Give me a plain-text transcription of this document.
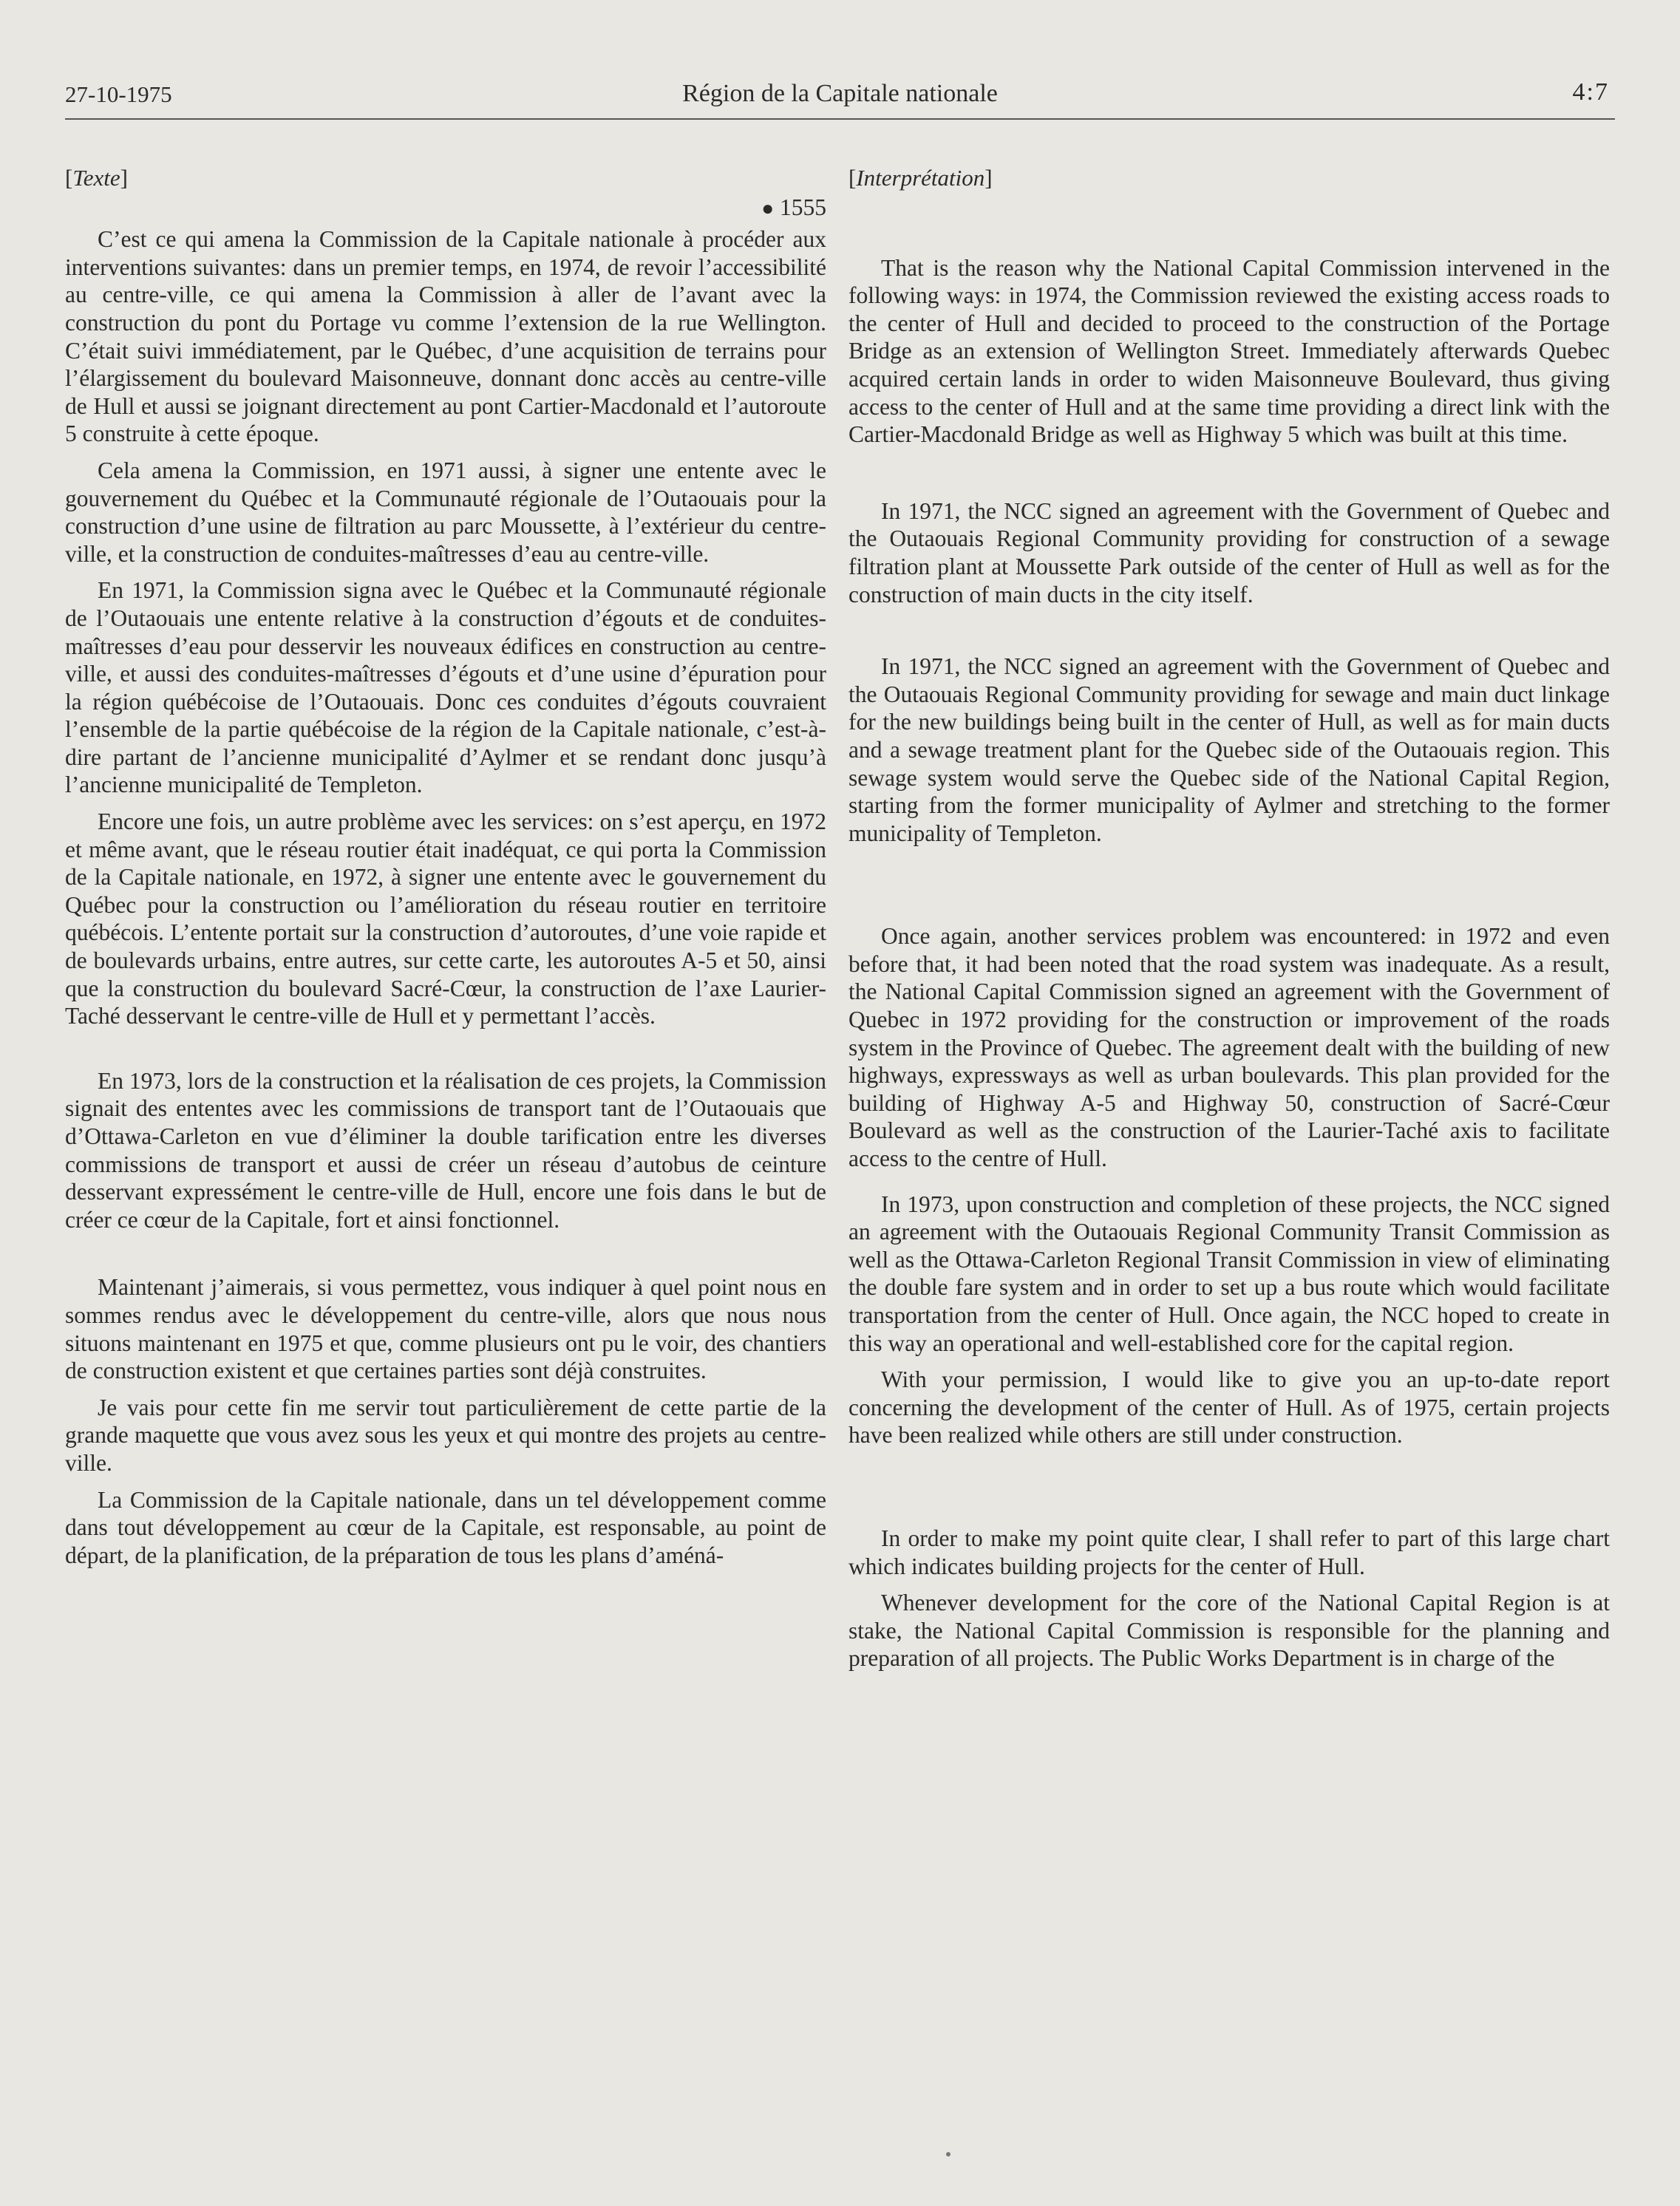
27-10-1975	Région de la Capitale nationale	4:7
[Texte]
● 1555

C’est ce qui amena la Commission de la Capitale nationale à procéder aux interventions suivantes: dans un premier temps, en 1974, de revoir l’accessibilité au centre-ville, ce qui amena la Commission à aller de l’avant avec la construction du pont du Portage vu comme l’extension de la rue Wellington. C’était suivi immédiatement, par le Québec, d’une acquisition de terrains pour l’élargissement du boulevard Maisonneuve, donnant donc accès au centre-ville de Hull et aussi se joignant directement au pont Cartier-Macdonald et l’autoroute 5 construite à cette époque.

Cela amena la Commission, en 1971 aussi, à signer une entente avec le gouvernement du Québec et la Communauté régionale de l’Outaouais pour la construction d’une usine de filtration au parc Moussette, à l’extérieur du centre-ville, et la construction de conduites-maîtresses d’eau au centre-ville.

En 1971, la Commission signa avec le Québec et la Communauté régionale de l’Outaouais une entente relative à la construction d’égouts et de conduites-maîtresses d’eau pour desservir les nouveaux édifices en construction au centre-ville, et aussi des conduites-maîtresses d’égouts et d’une usine d’épuration pour la région québécoise de l’Outaouais. Donc ces conduites d’égouts couvraient l’ensemble de la partie québécoise de la région de la Capitale nationale, c’est-à-dire partant de l’ancienne municipalité d’Aylmer et se rendant donc jusqu’à l’ancienne municipalité de Templeton.

Encore une fois, un autre problème avec les services: on s’est aperçu, en 1972 et même avant, que le réseau routier était inadéquat, ce qui porta la Commission de la Capitale nationale, en 1972, à signer une entente avec le gouvernement du Québec pour la construction ou l’amélioration du réseau routier en territoire québécois. L’entente portait sur la construction d’autoroutes, d’une voie rapide et de boulevards urbains, entre autres, sur cette carte, les autoroutes A-5 et 50, ainsi que la construction du boulevard Sacré-Cœur, la construction de l’axe Laurier-Taché desservant le centre-ville de Hull et y permettant l’accès.

En 1973, lors de la construction et la réalisation de ces projets, la Commission signait des ententes avec les commissions de transport tant de l’Outaouais que d’Ottawa-Carleton en vue d’éliminer la double tarification entre les diverses commissions de transport et aussi de créer un réseau d’autobus de ceinture desservant expressément le centre-ville de Hull, encore une fois dans le but de créer ce cœur de la Capitale, fort et ainsi fonctionnel.

Maintenant j’aimerais, si vous permettez, vous indiquer à quel point nous en sommes rendus avec le développement du centre-ville, alors que nous nous situons maintenant en 1975 et que, comme plusieurs ont pu le voir, des chantiers de construction existent et que certaines parties sont déjà construites.

Je vais pour cette fin me servir tout particulièrement de cette partie de la grande maquette que vous avez sous les yeux et qui montre des projets au centre-ville.

La Commission de la Capitale nationale, dans un tel développement comme dans tout développement au cœur de la Capitale, est responsable, au point de départ, de la planification, de la préparation de tous les plans d’améná-

[Interprétation]

That is the reason why the National Capital Commission intervened in the following ways: in 1974, the Commission reviewed the existing access roads to the center of Hull and decided to proceed to the construction of the Portage Bridge as an extension of Wellington Street. Immediately afterwards Quebec acquired certain lands in order to widen Maisonneuve Boulevard, thus giving access to the center of Hull and at the same time providing a direct link with the Cartier-Macdonald Bridge as well as Highway 5 which was built at this time.

In 1971, the NCC signed an agreement with the Government of Quebec and the Outaouais Regional Community providing for construction of a sewage filtration plant at Moussette Park outside of the center of Hull as well as for the construction of main ducts in the city itself.

In 1971, the NCC signed an agreement with the Government of Quebec and the Outaouais Regional Community providing for sewage and main duct linkage for the new buildings being built in the center of Hull, as well as for main ducts and a sewage treatment plant for the Quebec side of the Outaouais region. This sewage system would serve the Quebec side of the National Capital Region, starting from the former municipality of Aylmer and stretching to the former municipality of Templeton.

Once again, another services problem was encountered: in 1972 and even before that, it had been noted that the road system was inadequate. As a result, the National Capital Commission signed an agreement with the Government of Quebec in 1972 providing for the construction or improvement of the roads system in the Province of Quebec. The agreement dealt with the building of new highways, expressways as well as urban boulevards. This plan provided for the building of Highway A-5 and Highway 50, construction of Sacré-Cœur Boulevard as well as the construction of the Laurier-Taché axis to facilitate access to the centre of Hull.

In 1973, upon construction and completion of these projects, the NCC signed an agreement with the Outaouais Regional Community Transit Commission as well as the Ottawa-Carleton Regional Transit Commission in view of eliminating the double fare system and in order to set up a bus route which would facilitate transportation from the center of Hull. Once again, the NCC hoped to create in this way an operational and well-established core for the capital region.

With your permission, I would like to give you an up-to-date report concerning the development of the center of Hull. As of 1975, certain projects have been realized while others are still under construction.

In order to make my point quite clear, I shall refer to part of this large chart which indicates building projects for the center of Hull.

Whenever development for the core of the National Capital Region is at stake, the National Capital Commission is responsible for the planning and preparation of all projects. The Public Works Department is in charge of the
